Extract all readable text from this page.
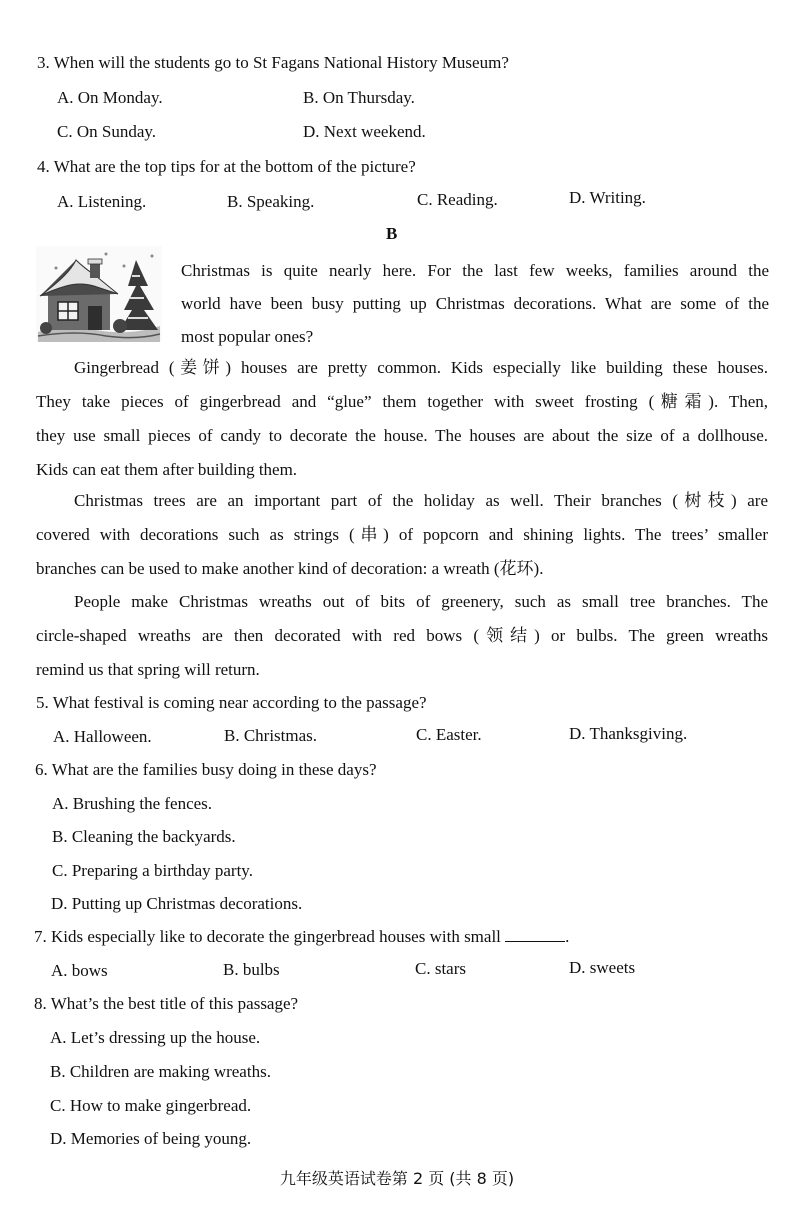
3. When will the students go to St Fagans National History Museum?
A. On Monday.	B. On Thursday.
C. On Sunday.	D. Next weekend.
4. What are the top tips for at the bottom of the picture?
A. Listening.	B. Speaking.	C. Reading.	D. Writing.
B
Christmas is quite nearly here. For the last few weeks, families around the
world have been busy putting up Christmas decorations. What are some of the
most popular ones?
Gingerbread (姜饼) houses are pretty common. Kids especially like building these houses.
They take pieces of gingerbread and “glue” them together with sweet frosting (糖霜). Then,
they use small pieces of candy to decorate the house. The houses are about the size of a dollhouse.
Kids can eat them after building them.
Christmas trees are an important part of the holiday as well. Their branches (树枝) are
covered with decorations such as strings (串) of popcorn and shining lights. The trees’ smaller
branches can be used to make another kind of decoration: a wreath (花环).
People make Christmas wreaths out of bits of greenery, such as small tree branches. The
circle-shaped wreaths are then decorated with red bows (领结) or bulbs. The green wreaths
remind us that spring will return.
5. What festival is coming near according to the passage?
A. Halloween.	B. Christmas.	C. Easter.	D. Thanksgiving.
6. What are the families busy doing in these days?
A. Brushing the fences.
B. Cleaning the backyards.
C. Preparing a birthday party.
D. Putting up Christmas decorations.
7. Kids especially like to decorate the gingerbread houses with small	.
A. bows	B. bulbs	C. stars	D. sweets
8. What’s the best title of this passage?
A. Let’s dressing up the house.
B. Children are making wreaths.
C. How to make gingerbread.
D. Memories of being young.
九年级英语试卷第 2 页 (共 8 页)
